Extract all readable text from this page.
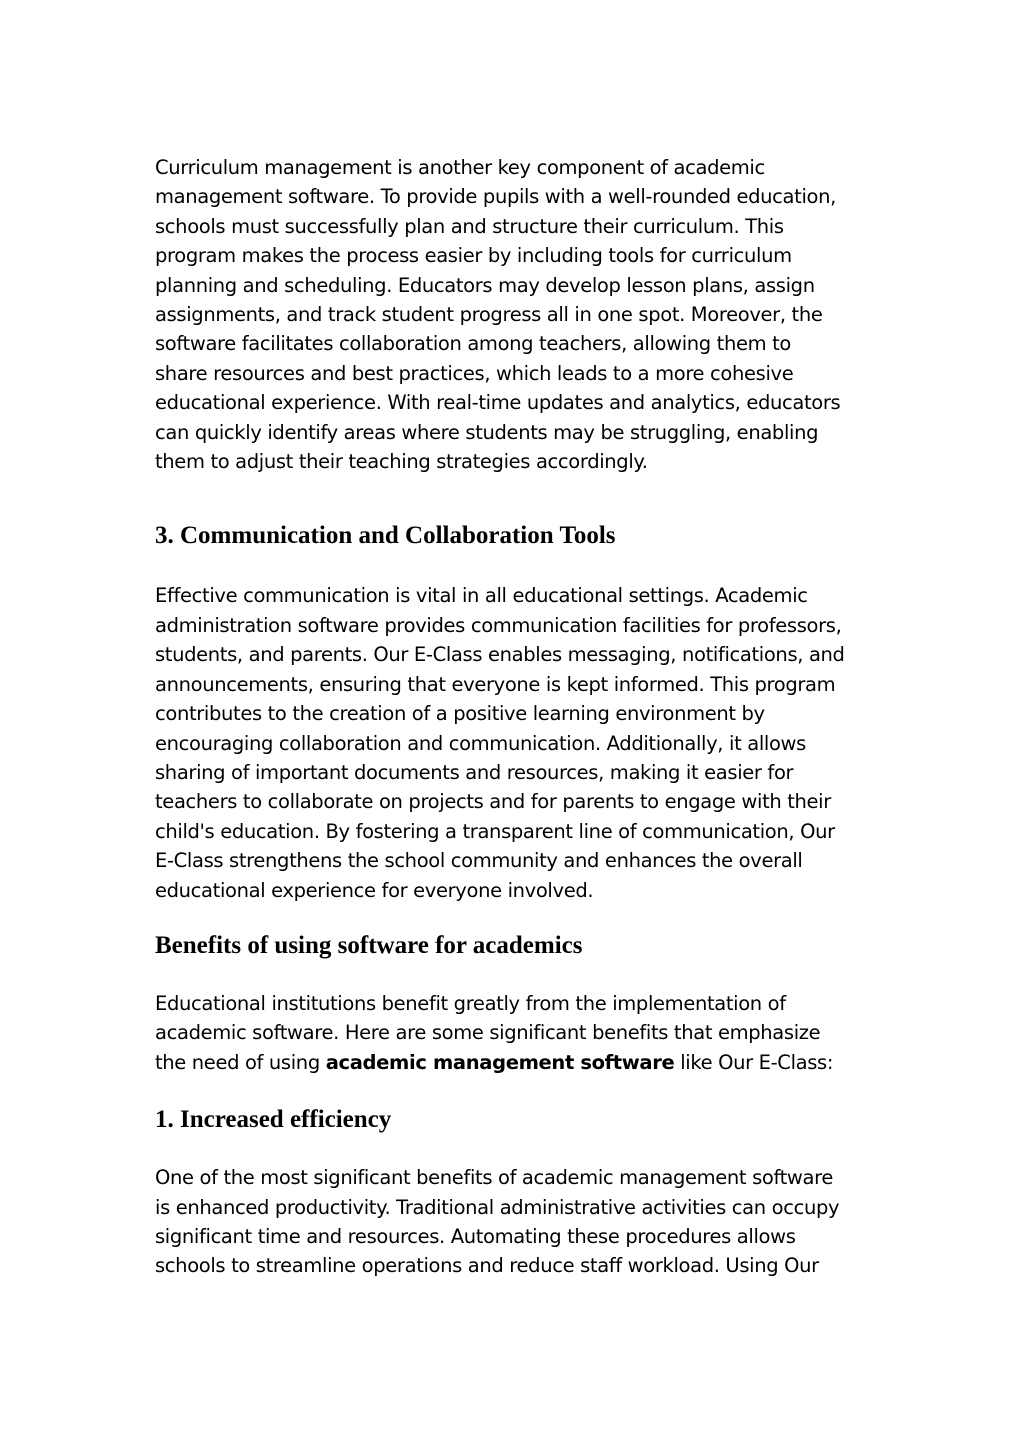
Curriculum management is another key component of academic
management software. To provide pupils with a well-rounded education,
schools must successfully plan and structure their curriculum. This
program makes the process easier by including tools for curriculum
planning and scheduling. Educators may develop lesson plans, assign
assignments, and track student progress all in one spot. Moreover, the
software facilitates collaboration among teachers, allowing them to
share resources and best practices, which leads to a more cohesive
educational experience. With real-time updates and analytics, educators
can quickly identify areas where students may be struggling, enabling
them to adjust their teaching strategies accordingly.

3. Communication and Collaboration Tools

Effective communication is vital in all educational settings. Academic
administration software provides communication facilities for professors,
students, and parents. Our E-Class enables messaging, notifications, and
announcements, ensuring that everyone is kept informed. This program
contributes to the creation of a positive learning environment by
encouraging collaboration and communication. Additionally, it allows
sharing of important documents and resources, making it easier for
teachers to collaborate on projects and for parents to engage with their
child's education. By fostering a transparent line of communication, Our
E-Class strengthens the school community and enhances the overall
educational experience for everyone involved.

Benefits of using software for academics

Educational institutions benefit greatly from the implementation of
academic software. Here are some significant benefits that emphasize
the need of using academic management software like Our E-Class:

1. Increased efficiency

One of the most significant benefits of academic management software
is enhanced productivity. Traditional administrative activities can occupy
significant time and resources. Automating these procedures allows
schools to streamline operations and reduce staff workload. Using Our
